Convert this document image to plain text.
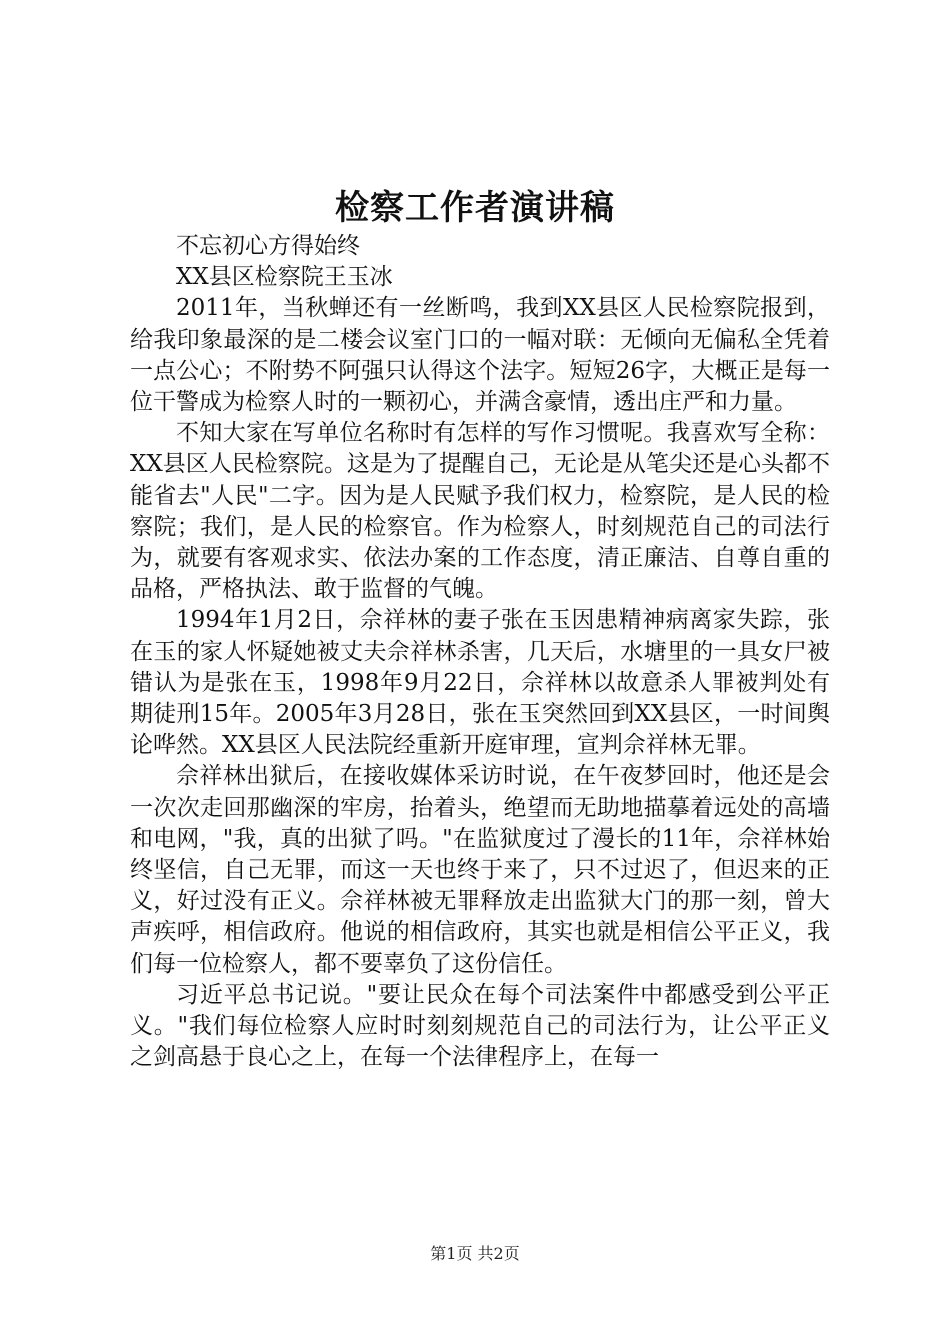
检察工作者演讲稿

不忘初心方得始终

XX县区检察院王玉冰

2011年，当秋蝉还有一丝断鸣，我到XX县区人民检察院报到，给我印象最深的是二楼会议室门口的一幅对联：无倾向无偏私全凭着一点公心；不附势不阿强只认得这个法字。短短26字，大概正是每一位干警成为检察人时的一颗初心，并满含豪情，透出庄严和力量。

不知大家在写单位名称时有怎样的写作习惯呢。我喜欢写全称：XX县区人民检察院。这是为了提醒自己，无论是从笔尖还是心头都不能省去"人民"二字。因为是人民赋予我们权力，检察院，是人民的检察院；我们，是人民的检察官。作为检察人，时刻规范自己的司法行为，就要有客观求实、依法办案的工作态度，清正廉洁、自尊自重的品格，严格执法、敢于监督的气魄。

1994年1月2日，佘祥林的妻子张在玉因患精神病离家失踪，张在玉的家人怀疑她被丈夫佘祥林杀害，几天后，水塘里的一具女尸被错认为是张在玉，1998年9月22日，佘祥林以故意杀人罪被判处有期徒刑15年。2005年3月28日，张在玉突然回到XX县区，一时间舆论哗然。XX县区人民法院经重新开庭审理，宣判佘祥林无罪。

佘祥林出狱后，在接收媒体采访时说，在午夜梦回时，他还是会一次次走回那幽深的牢房，抬着头，绝望而无助地描摹着远处的高墙和电网，"我，真的出狱了吗。"在监狱度过了漫长的11年，佘祥林始终坚信，自己无罪，而这一天也终于来了，只不过迟了，但迟来的正义，好过没有正义。佘祥林被无罪释放走出监狱大门的那一刻，曾大声疾呼，相信政府。他说的相信政府，其实也就是相信公平正义，我们每一位检察人，都不要辜负了这份信任。

习近平总书记说。"要让民众在每个司法案件中都感受到公平正义。"我们每位检察人应时时刻刻规范自己的司法行为，让公平正义之剑高悬于良心之上，在每一个法律程序上，在每一

第1页 共2页
